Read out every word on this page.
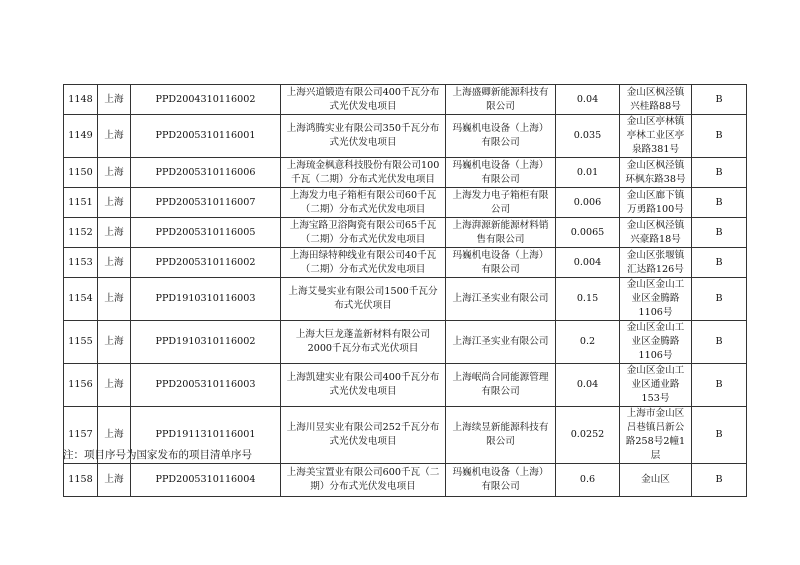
1148	上海	PPD2004310116002	上海兴道锻造有限公司400千瓦分布式光伏发电项目	上海盛卿新能源科技有限公司	0.04	金山区枫泾镇兴桂路88号	B
1149	上海	PPD2005310116001	上海鸿腾实业有限公司350千瓦分布式光伏发电项目	玛巍机电设备（上海）有限公司	0.035	金山区亭林镇亭林工业区亭泉路381号	B
1150	上海	PPD2005310116006	上海琉金枫意科技股份有限公司100千瓦（二期）分布式光伏发电项目	玛巍机电设备（上海）有限公司	0.01	金山区枫泾镇环枫东路38号	B
1151	上海	PPD2005310116007	上海发力电子箱柜有限公司60千瓦（二期）分布式光伏发电项目	上海发力电子箱柜有限公司	0.006	金山区廊下镇万勇路100号	B
1152	上海	PPD2005310116005	上海宝路卫浴陶瓷有限公司65千瓦（二期）分布式光伏发电项目	上海湃源新能源材料销售有限公司	0.0065	金山区枫泾镇兴豪路18号	B
1153	上海	PPD2005310116002	上海田绿特种线业有限公司40千瓦（二期）分布式光伏发电项目	玛巍机电设备（上海）有限公司	0.004	金山区张堰镇汇达路126号	B
1154	上海	PPD1910310116003	上海艾曼实业有限公司1500千瓦分布式光伏项目	上海江圣实业有限公司	0.15	金山区金山工业区金腾路1106号	B
1155	上海	PPD1910310116002	上海大巨龙蓬盖新材料有限公司2000千瓦分布式光伏项目	上海江圣实业有限公司	0.2	金山区金山工业区金腾路1106号	B
1156	上海	PPD2005310116003	上海凯建实业有限公司400千瓦分布式光伏发电项目	上海岷尚合同能源管理有限公司	0.04	金山区金山工业区通业路153号	B
1157	上海	PPD1911310116001	上海川昱实业有限公司252千瓦分布式光伏发电项目	上海续昱新能源科技有限公司	0.0252	上海市金山区吕巷镇吕新公路258号2幢1层	B
1158	上海	PPD2005310116004	上海美宝置业有限公司600千瓦（二期）分布式光伏发电项目	玛巍机电设备（上海）有限公司	0.6	金山区	B
注：项目序号为国家发布的项目清单序号
